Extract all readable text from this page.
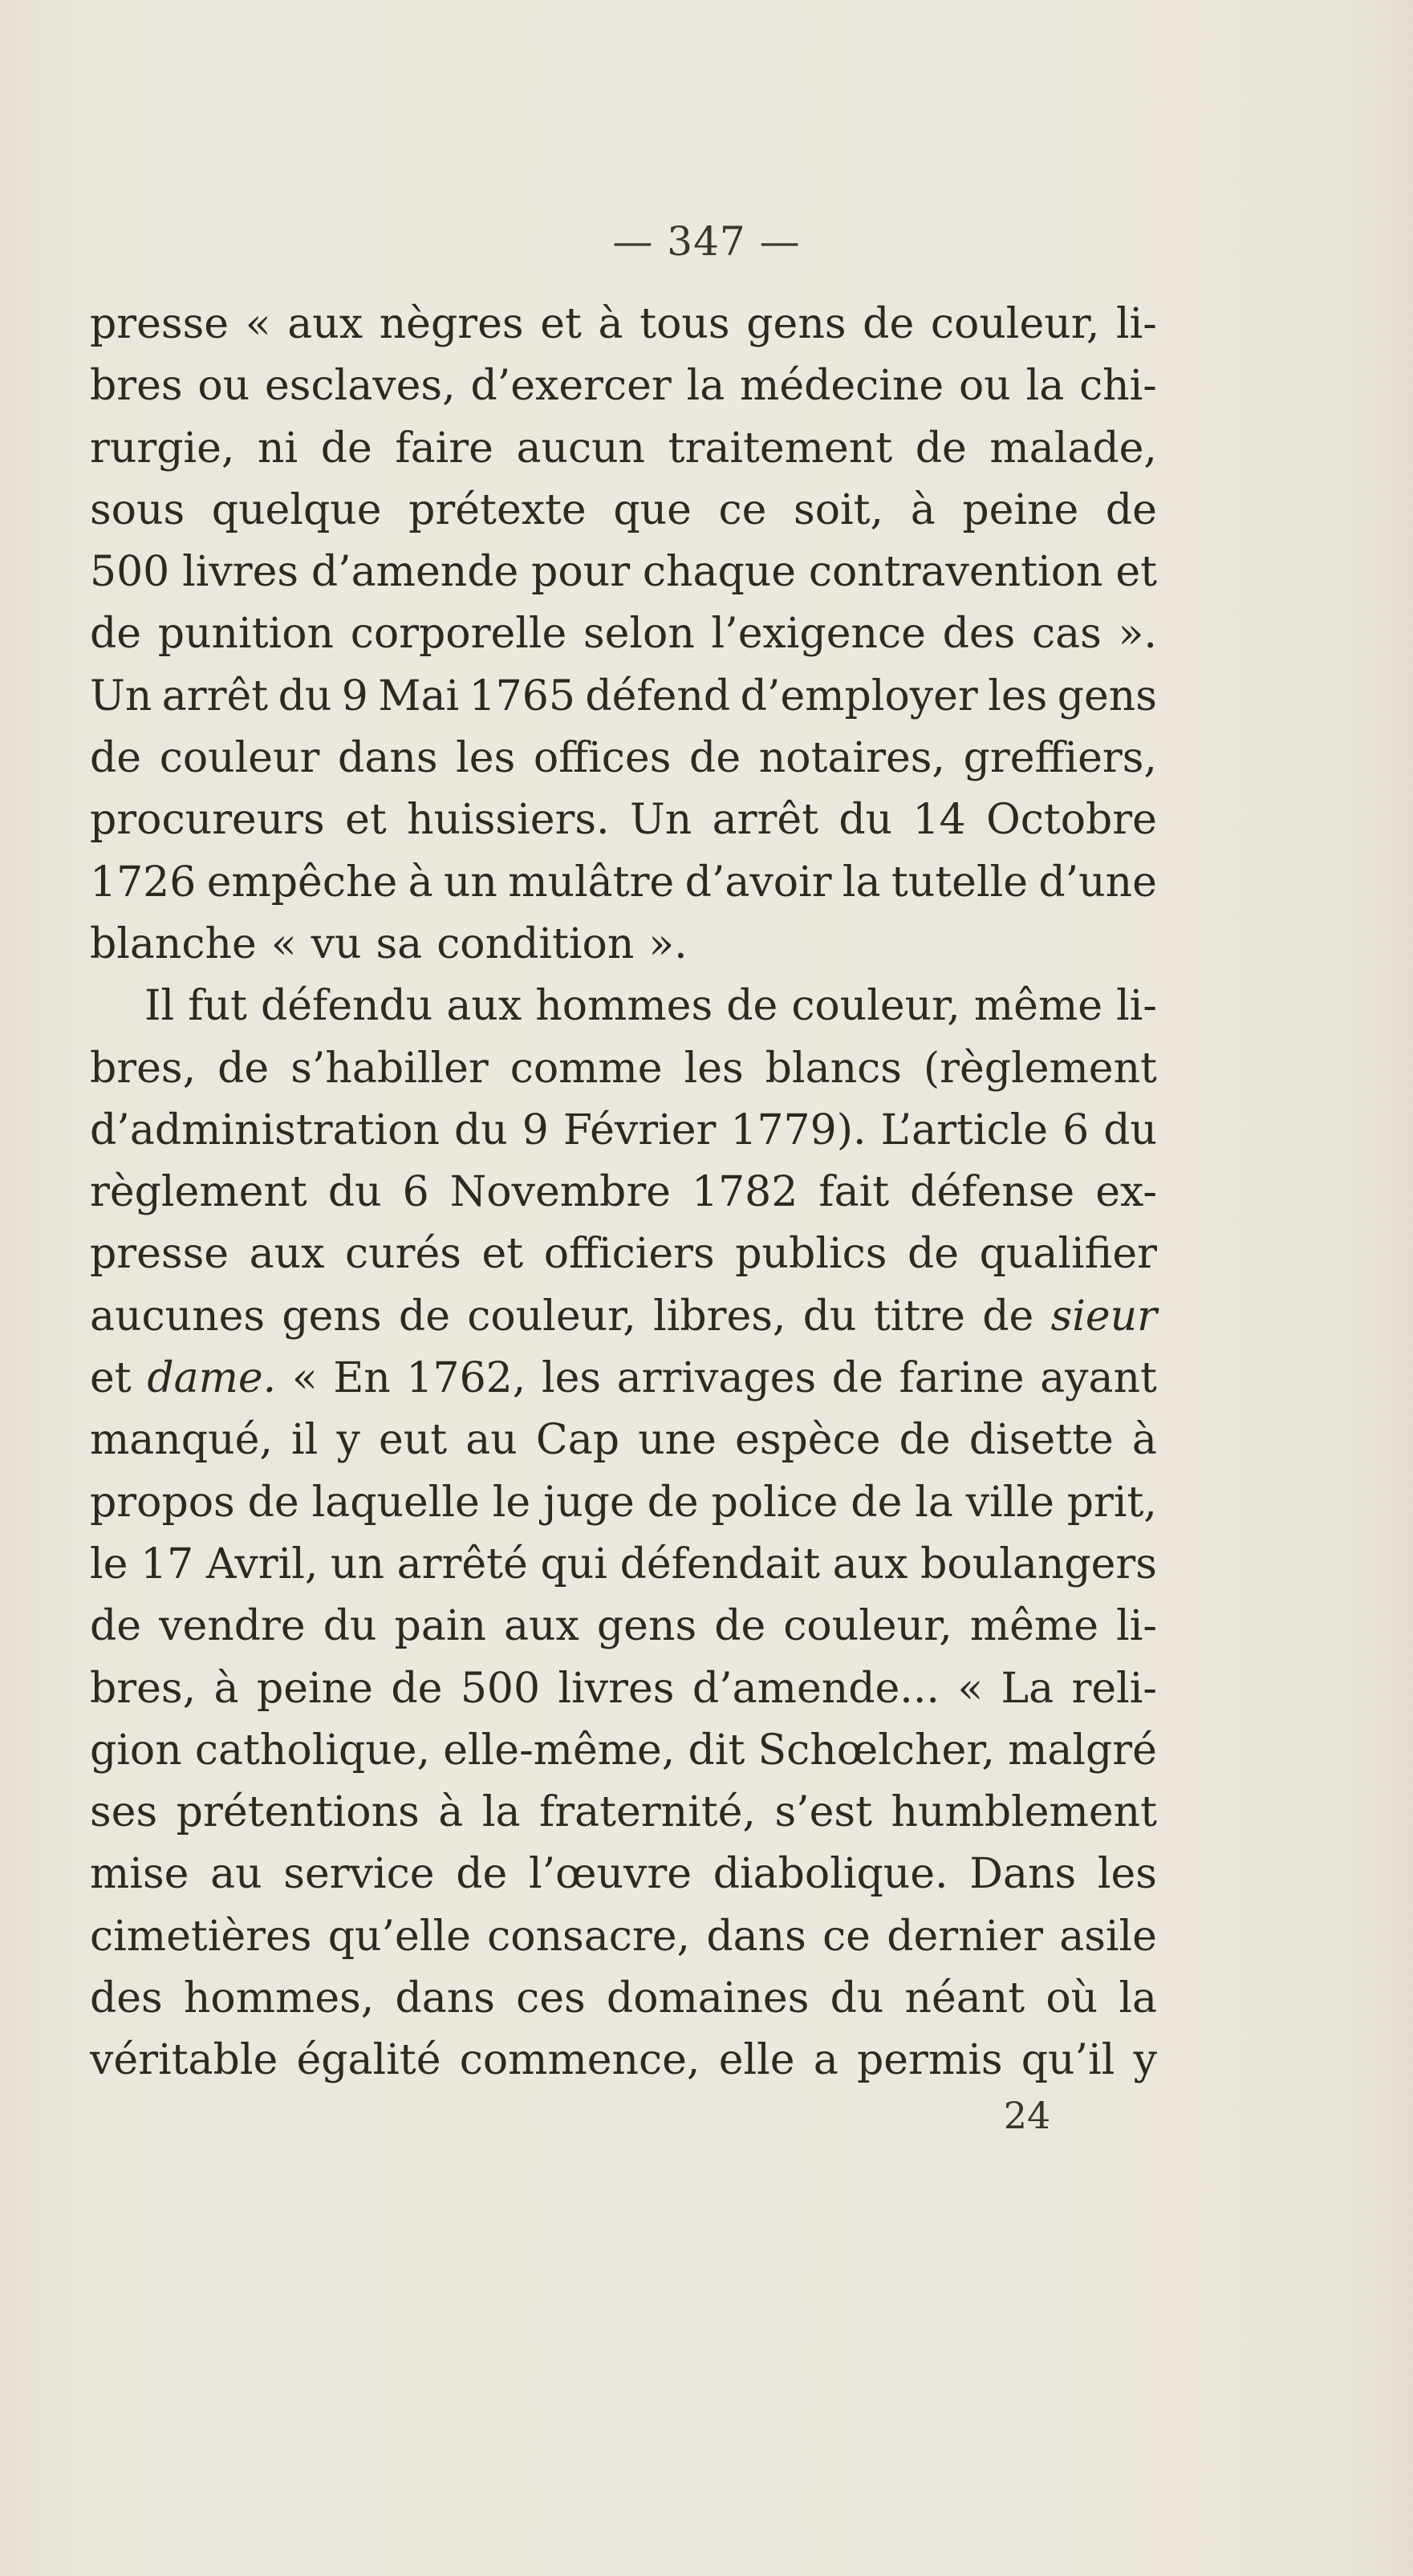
— 347 —
presse « aux nègres et à tous gens de couleur, li-
bres ou esclaves, d’exercer la médecine ou la chi-
rurgie, ni de faire aucun traitement de malade,
sous quelque prétexte que ce soit, à peine de
500 livres d’amende pour chaque contravention et
de punition corporelle selon l’exigence des cas ».
Un arrêt du 9 Mai 1765 défend d’employer les gens
de couleur dans les offices de notaires, greffiers,
procureurs et huissiers. Un arrêt du 14 Octobre
1726 empêche à un mulâtre d’avoir la tutelle d’une
blanche « vu sa condition ».
Il fut défendu aux hommes de couleur, même li-
bres, de s’habiller comme les blancs (règlement
d’administration du 9 Février 1779). L’article 6 du
règlement du 6 Novembre 1782 fait défense ex-
presse aux curés et officiers publics de qualifier
aucunes gens de couleur, libres, du titre de sieur
et dame. « En 1762, les arrivages de farine ayant
manqué, il y eut au Cap une espèce de disette à
propos de laquelle le juge de police de la ville prit,
le 17 Avril, un arrêté qui défendait aux boulangers
de vendre du pain aux gens de couleur, même li-
bres, à peine de 500 livres d’amende... « La reli-
gion catholique, elle-même, dit Schœlcher, malgré
ses prétentions à la fraternité, s’est humblement
mise au service de l’œuvre diabolique. Dans les
cimetières qu’elle consacre, dans ce dernier asile
des hommes, dans ces domaines du néant où la
véritable égalité commence, elle a permis qu’il y
24
